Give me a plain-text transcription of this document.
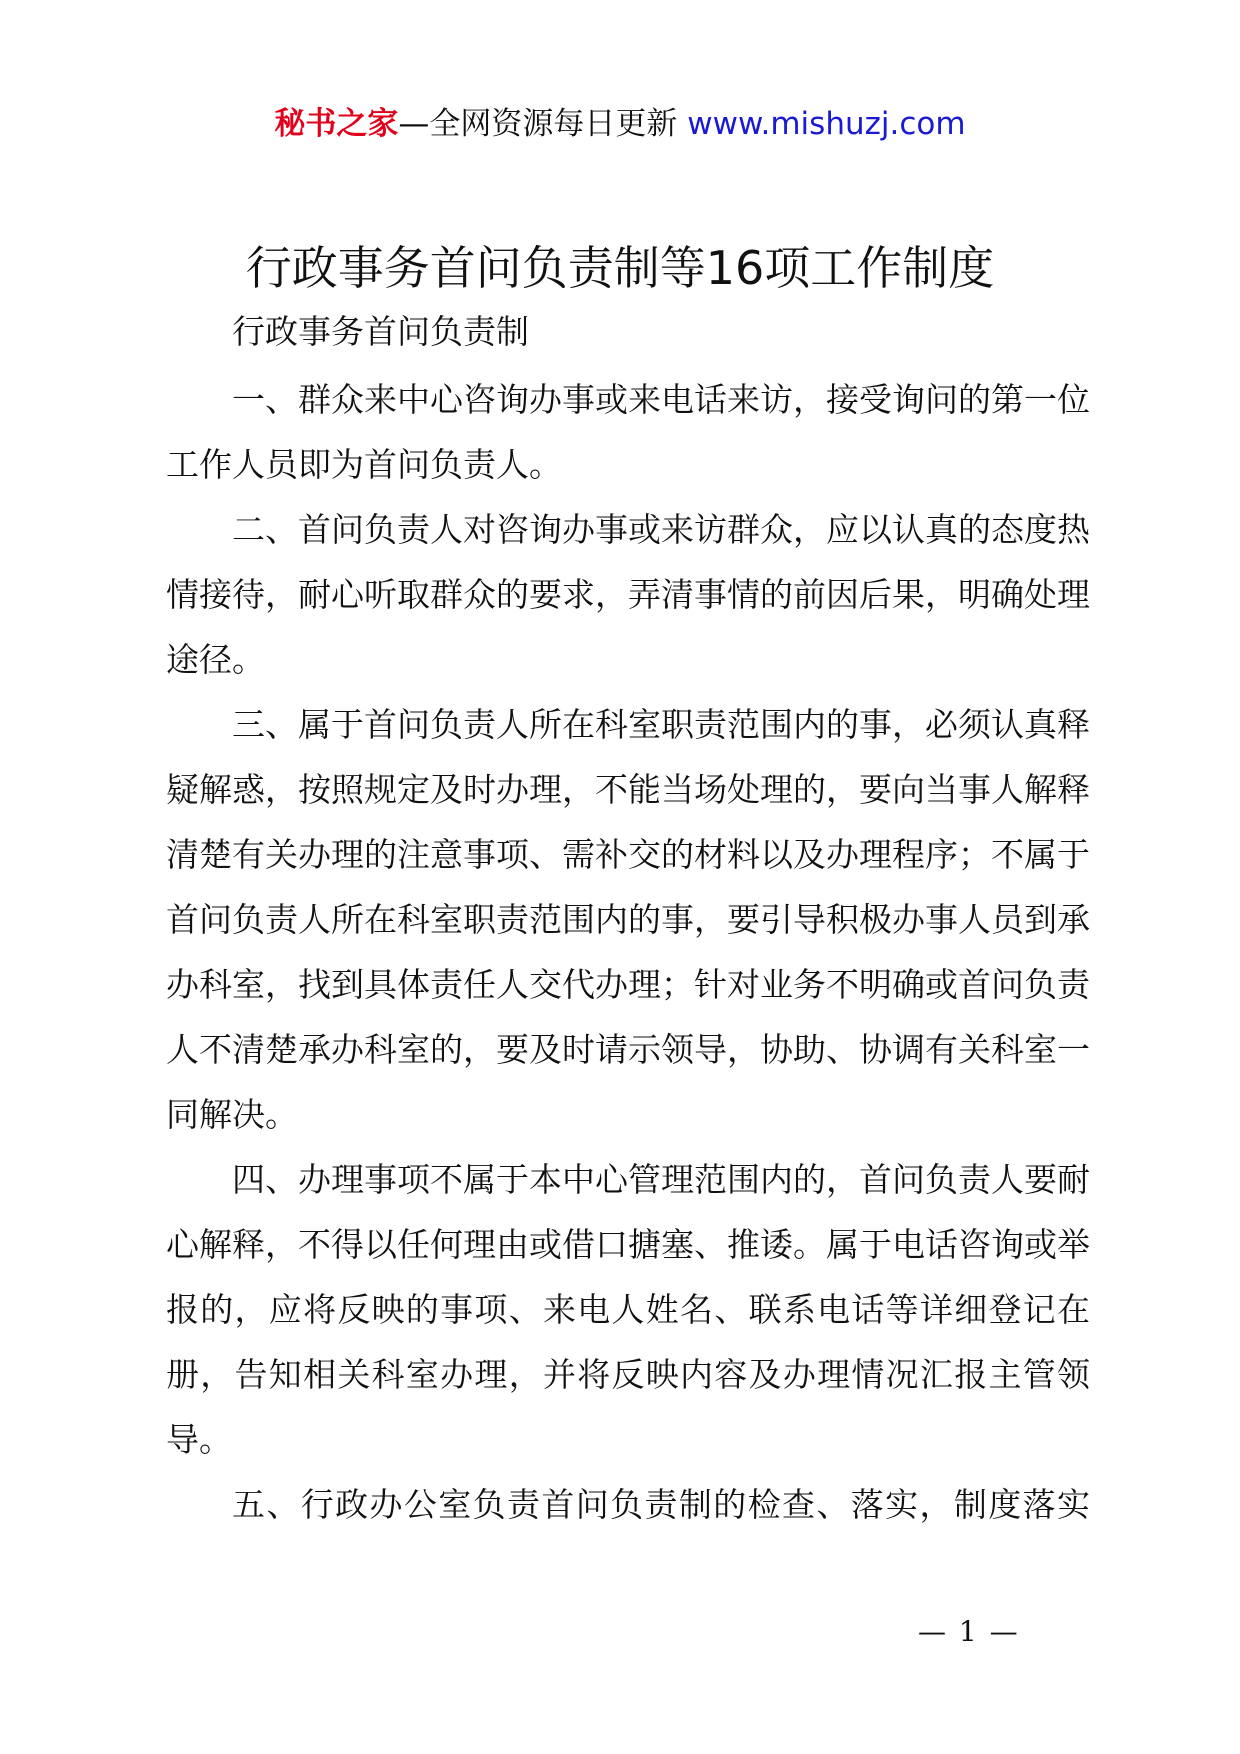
秘书之家—全网资源每日更新 www.mishuzj.com
行政事务首问负责制等16项工作制度
行政事务首问负责制

一、群众来中心咨询办事或来电话来访，接受询问的第一位工作人员即为首问负责人。

二、首问负责人对咨询办事或来访群众，应以认真的态度热情接待，耐心听取群众的要求，弄清事情的前因后果，明确处理途径。

三、属于首问负责人所在科室职责范围内的事，必须认真释疑解惑，按照规定及时办理，不能当场处理的，要向当事人解释清楚有关办理的注意事项、需补交的材料以及办理程序；不属于首问负责人所在科室职责范围内的事，要引导积极办事人员到承办科室，找到具体责任人交代办理；针对业务不明确或首问负责人不清楚承办科室的，要及时请示领导，协助、协调有关科室一同解决。

四、办理事项不属于本中心管理范围内的，首问负责人要耐心解释，不得以任何理由或借口搪塞、推诿。属于电话咨询或举报的，应将反映的事项、来电人姓名、联系电话等详细登记在册，告知相关科室办理，并将反映内容及办理情况汇报主管领导。

五、行政办公室负责首问负责制的检查、落实，制度落实

— 1 —
